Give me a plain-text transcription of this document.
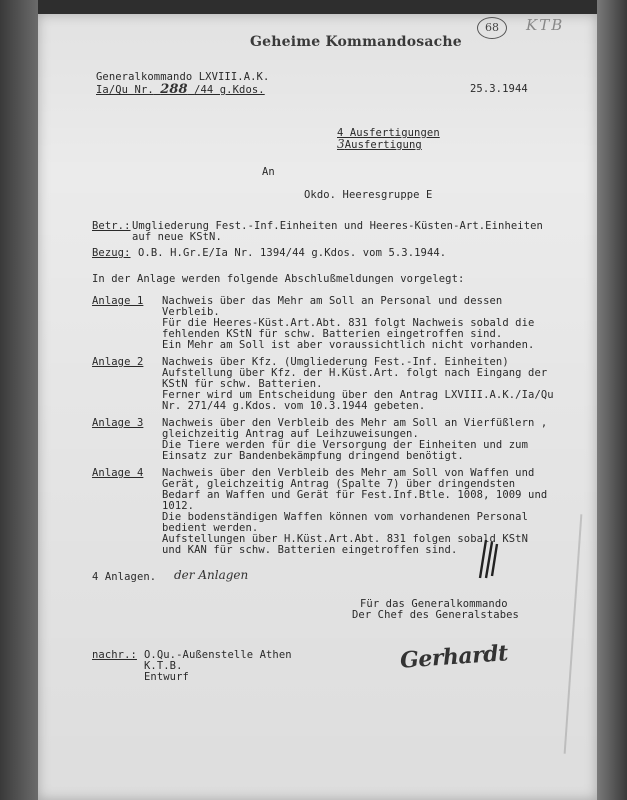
Geheime Kommandosache
68	KTB
Generalkommando LXVIII.A.K.
Ia/Qu Nr. 288 /44 g.Kdos.	25.3.1944
4 Ausfertigungen
3Ausfertigung
An
Okdo. Heeresgruppe E
Betr.: Umgliederung Fest.-Inf.Einheiten und Heeres-Küsten-Art.Einheiten
auf neue KStN.
Bezug: O.B. H.Gr.E/Ia Nr. 1394/44 g.Kdos. vom 5.3.1944.
In der Anlage werden folgende Abschlußmeldungen vorgelegt:
Anlage 1 Nachweis über das Mehr am Soll an Personal und dessen
Verbleib.
Für die Heeres-Küst.Art.Abt. 831 folgt Nachweis sobald die
fehlenden KStN für schw. Batterien eingetroffen sind.
Ein Mehr am Soll ist aber voraussichtlich nicht vorhanden.
Anlage 2 Nachweis über Kfz. (Umgliederung Fest.-Inf. Einheiten)
Aufstellung über Kfz. der H.Küst.Art. folgt nach Eingang der
KStN für schw. Batterien.
Ferner wird um Entscheidung über den Antrag LXVIII.A.K./Ia/Qu
Nr. 271/44 g.Kdos. vom 10.3.1944 gebeten.
Anlage 3 Nachweis über den Verbleib des Mehr am Soll an Vierfüßlern ,
gleichzeitig Antrag auf Leihzuweisungen.
Die Tiere werden für die Versorgung der Einheiten und zum
Einsatz zur Bandenbekämpfung dringend benötigt.
Anlage 4 Nachweis über den Verbleib des Mehr am Soll von Waffen und
Gerät, gleichzeitig Antrag (Spalte 7) über dringendsten
Bedarf an Waffen und Gerät für Fest.Inf.Btle. 1008, 1009 und
1012.
Die bodenständigen Waffen können vom vorhandenen Personal
bedient werden.
Aufstellungen über H.Küst.Art.Abt. 831 folgen sobald KStN
und KAN für schw. Batterien eingetroffen sind.
4 Anlagen. der Anlagen
Für das Generalkommando
Der Chef des Generalstabes
Gerhardt
nachr.: O.Qu.-Außenstelle Athen
K.T.B.
Entwurf
